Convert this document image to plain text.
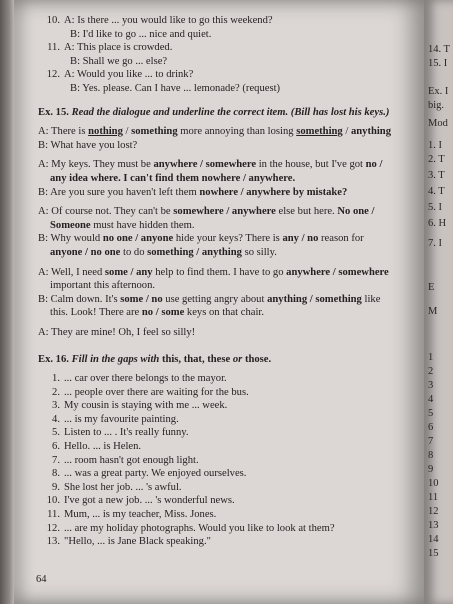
10. A: Is there ... you would like to go this weekend?
B: I'd like to go ... nice and quiet.
11. A: This place is crowded.
B: Shall we go ... else?
12. A: Would you like ... to drink?
B: Yes. please. Can I have ... lemonade? (request)
Ex. 15. Read the dialogue and underline the correct item. (Bill has lost his keys.)
A: There is nothing / something more annoying than losing something / anything
B: What have you lost?
A: My keys. They must be anywhere / somewhere in the house, but I've got no /
any idea where. I can't find them nowhere / anywhere.
B: Are you sure you haven't left them nowhere / anywhere by mistake?
A: Of course not. They can't be somewhere / anywhere else but here. No one /
Someone must have hidden them.
B: Why would no one / anyone hide your keys? There is any / no reason for
anyone / no one to do something / anything so silly.
A: Well, I need some / any help to find them. I have to go anywhere / somewhere
important this afternoon.
B: Calm down. It's some / no use getting angry about anything / something like
this. Look! There are no / some keys on that chair.
A: They are mine! Oh, I feel so silly!
Ex. 16. Fill in the gaps with this, that, these or those.
1. ... car over there belongs to the mayor.
2. ... people over there are waiting for the bus.
3. My cousin is staying with me ... week.
4. ... is my favourite painting.
5. Listen to ... . It's really funny.
6. Hello. ... is Helen.
7. ... room hasn't got enough light.
8. ... was a great party. We enjoyed ourselves.
9. She lost her job. ... 's awful.
10. I've got a new job. ... 's wonderful news.
11. Mum, ... is my teacher, Miss. Jones.
12. ... are my holiday photographs. Would you like to look at them?
13. "Hello, ... is Jane Black speaking."
64
14. T
15. I
Ex. I
big.
Mod
1. I
2. T
3. T
4. T
5. I
6. H
7. I
E
M
1
2
3
4
5
6
7
8
9
10
11
12
13
14
15
